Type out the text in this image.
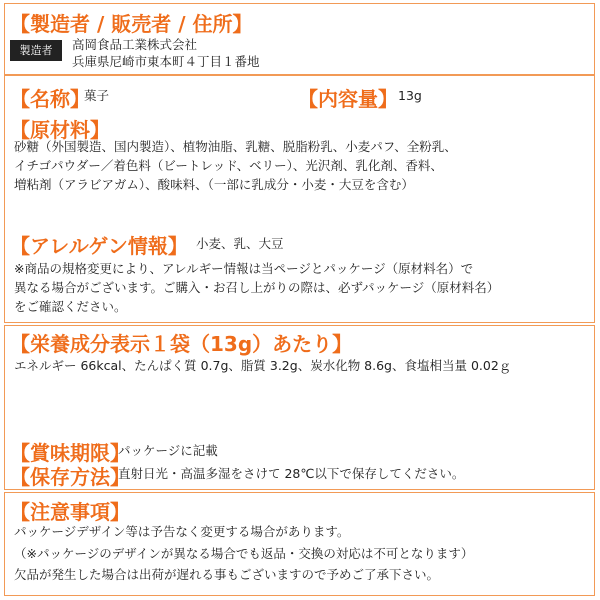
【製造者 / 販売者 / 住所】
製造者	高岡食品工業株式会社
兵庫県尼崎市東本町４丁目１番地
【名称】
菓子	【内容量】 13g
【原材料】
砂糖（外国製造、国内製造）、植物油脂、乳糖、脱脂粉乳、小麦パフ、全粉乳、
イチゴパウダー／着色料（ビートレッド、ベリー）、光沢剤、乳化剤、香料、
増粘剤（アラビアガム）、酸味料、（一部に乳成分・小麦・大豆を含む）
【アレルゲン情報】 小麦、乳、大豆
※商品の規格変更により、アレルギー情報は当ページとパッケージ（原材料名）で
異なる場合がございます。ご購入・お召し上がりの際は、必ずパッケージ（原材料名）
をご確認ください。
【栄養成分表示１袋（13g）あたり】
エネルギー 66kcal、たんぱく質 0.7g、脂質 3.2g、炭水化物 8.6g、食塩相当量 0.02ｇ
【賞味期限】
パッケージに記載
【保存方法】
直射日光・高温多湿をさけて 28℃以下で保存してください。
【注意事項】
パッケージデザイン等は予告なく変更する場合があります。
（※パッケージのデザインが異なる場合でも返品・交換の対応は不可となります）
欠品が発生した場合は出荷が遅れる事もございますので予めご了承下さい。
